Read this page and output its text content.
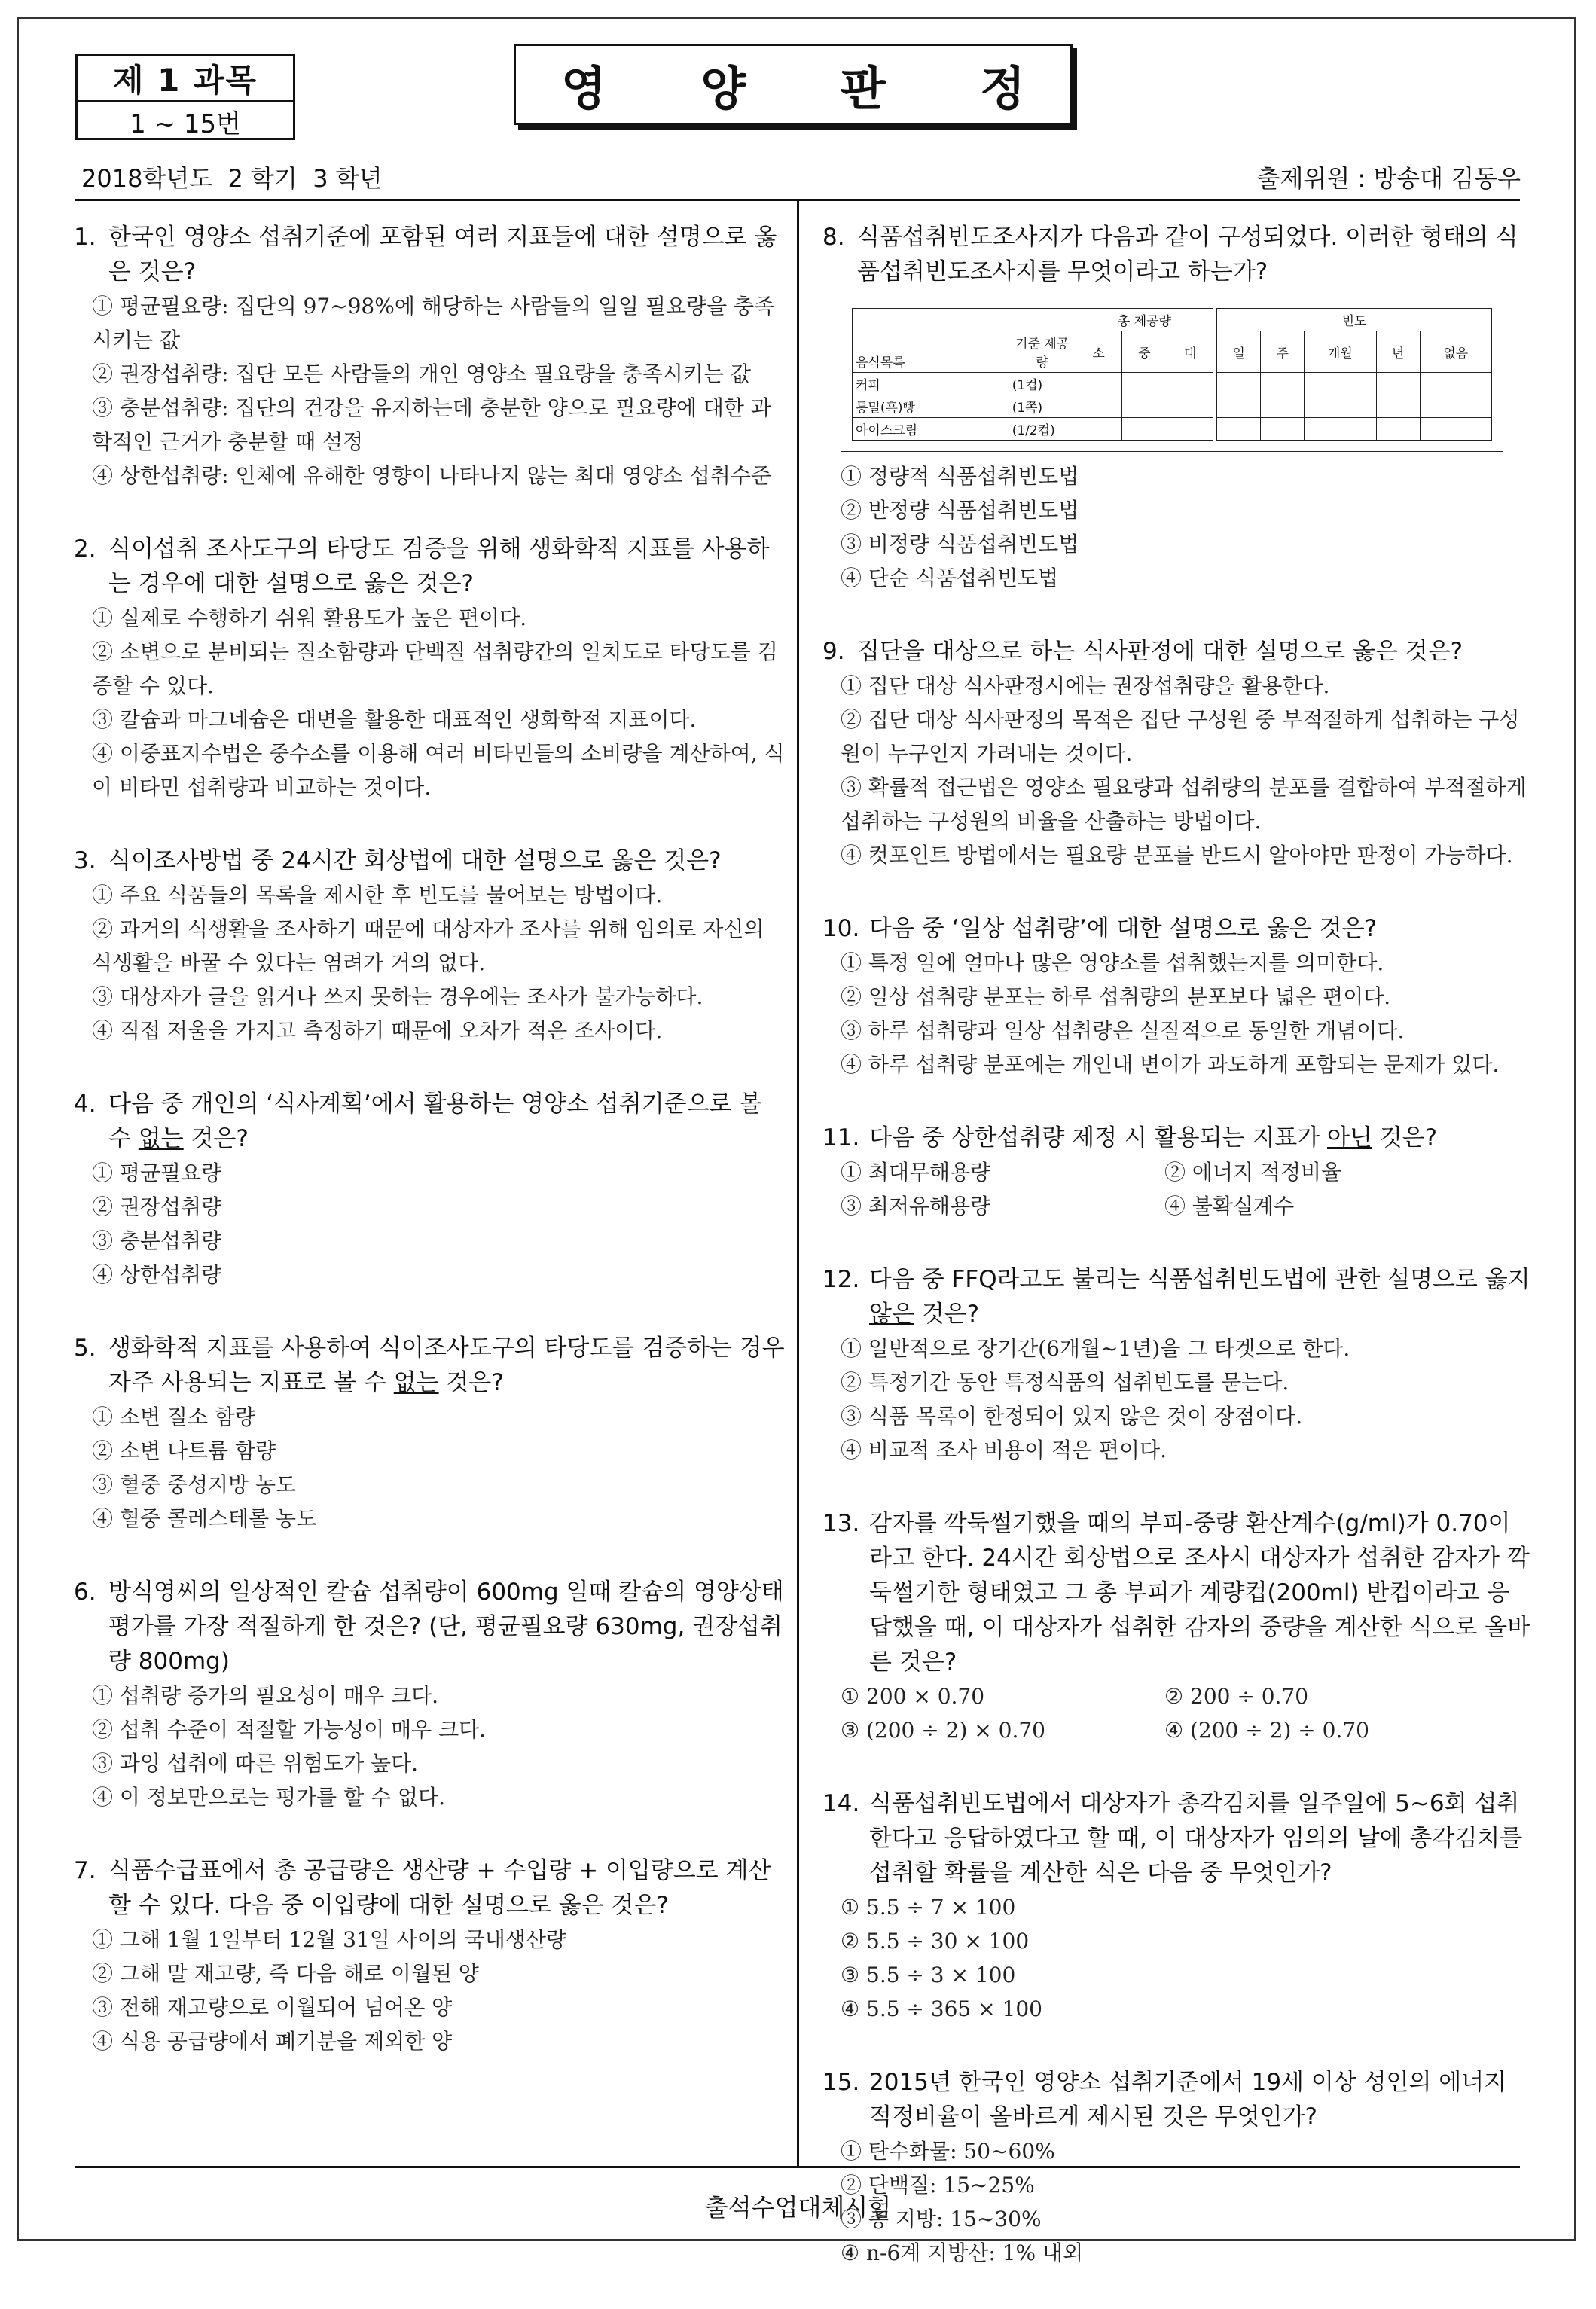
제 1 과목
1 ~ 15번
영 양 판 정
2018학년도  2 학기  3 학년	출제위원 : 방송대 김동우
출석수업대체시험
1. 한국인 영양소 섭취기준에 포함된 여러 지표들에 대한 설명으로 옳은 것은?
① 평균필요량: 집단의 97~98%에 해당하는 사람들의 일일 필요량을 충족시키는 값
② 권장섭취량: 집단 모든 사람들의 개인 영양소 필요량을 충족시키는 값
③ 충분섭취량: 집단의 건강을 유지하는데 충분한 양으로 필요량에 대한 과학적인 근거가 충분할 때 설정
④ 상한섭취량: 인체에 유해한 영향이 나타나지 않는 최대 영양소 섭취수준
2. 식이섭취 조사도구의 타당도 검증을 위해 생화학적 지표를 사용하는 경우에 대한 설명으로 옳은 것은?
① 실제로 수행하기 쉬워 활용도가 높은 편이다.
② 소변으로 분비되는 질소함량과 단백질 섭취량간의 일치도로 타당도를 검증할 수 있다.
③ 칼슘과 마그네슘은 대변을 활용한 대표적인 생화학적 지표이다.
④ 이중표지수법은 중수소를 이용해 여러 비타민들의 소비량을 계산하여, 식이 비타민 섭취량과 비교하는 것이다.
3. 식이조사방법 중 24시간 회상법에 대한 설명으로 옳은 것은?
① 주요 식품들의 목록을 제시한 후 빈도를 물어보는 방법이다.
② 과거의 식생활을 조사하기 때문에 대상자가 조사를 위해 임의로 자신의 식생활을 바꿀 수 있다는 염려가 거의 없다.
③ 대상자가 글을 읽거나 쓰지 못하는 경우에는 조사가 불가능하다.
④ 직접 저울을 가지고 측정하기 때문에 오차가 적은 조사이다.
4. 다음 중 개인의 ‘식사계획’에서 활용하는 영양소 섭취기준으로 볼 수 없는 것은?
① 평균필요량
② 권장섭취량
③ 충분섭취량
④ 상한섭취량
5. 생화학적 지표를 사용하여 식이조사도구의 타당도를 검증하는 경우 자주 사용되는 지표로 볼 수 없는 것은?
① 소변 질소 함량
② 소변 나트륨 함량
③ 혈중 중성지방 농도
④ 혈중 콜레스테롤 농도
6. 방식영씨의 일상적인 칼슘 섭취량이 600mg 일때 칼슘의 영양상태 평가를 가장 적절하게 한 것은? (단, 평균필요량 630mg, 권장섭취량 800mg)
① 섭취량 증가의 필요성이 매우 크다.
② 섭취 수준이 적절할 가능성이 매우 크다.
③ 과잉 섭취에 따른 위험도가 높다.
④ 이 정보만으로는 평가를 할 수 없다.
7. 식품수급표에서 총 공급량은 생산량 + 수입량 + 이입량으로 계산할 수 있다. 다음 중 이입량에 대한 설명으로 옳은 것은?
① 그해 1월 1일부터 12월 31일 사이의 국내생산량
② 그해 말 재고량, 즉 다음 해로 이월된 양
③ 전해 재고량으로 이월되어 넘어온 양
④ 식용 공급량에서 폐기분을 제외한 양
8. 식품섭취빈도조사지가 다음과 같이 구성되었다. 이러한 형태의 식품섭취빈도조사지를 무엇이라고 하는가?
		총 제공량				빈도				
음식목록	기준 제공량	소	중	대		일	주	개월	년	없음
커피	(1컵)									
통밀(흑)빵	(1쪽)									
아이스크림	(1/2컵)									
① 정량적 식품섭취빈도법
② 반정량 식품섭취빈도법
③ 비정량 식품섭취빈도법
④ 단순 식품섭취빈도법
9. 집단을 대상으로 하는 식사판정에 대한 설명으로 옳은 것은?
① 집단 대상 식사판정시에는 권장섭취량을 활용한다.
② 집단 대상 식사판정의 목적은 집단 구성원 중 부적절하게 섭취하는 구성원이 누구인지 가려내는 것이다.
③ 확률적 접근법은 영양소 필요량과 섭취량의 분포를 결합하여 부적절하게 섭취하는 구성원의 비율을 산출하는 방법이다.
④ 컷포인트 방법에서는 필요량 분포를 반드시 알아야만 판정이 가능하다.
10. 다음 중 ‘일상 섭취량’에 대한 설명으로 옳은 것은?
① 특정 일에 얼마나 많은 영양소를 섭취했는지를 의미한다.
② 일상 섭취량 분포는 하루 섭취량의 분포보다 넓은 편이다.
③ 하루 섭취량과 일상 섭취량은 실질적으로 동일한 개념이다.
④ 하루 섭취량 분포에는 개인내 변이가 과도하게 포함되는 문제가 있다.
11. 다음 중 상한섭취량 제정 시 활용되는 지표가 아닌 것은?
① 최대무해용량	② 에너지 적정비율
③ 최저유해용량	④ 불확실계수
12. 다음 중 FFQ라고도 불리는 식품섭취빈도법에 관한 설명으로 옳지 않은 것은?
① 일반적으로 장기간(6개월~1년)을 그 타겟으로 한다.
② 특정기간 동안 특정식품의 섭취빈도를 묻는다.
③ 식품 목록이 한정되어 있지 않은 것이 장점이다.
④ 비교적 조사 비용이 적은 편이다.
13. 감자를 깍둑썰기했을 때의 부피-중량 환산계수(g/ml)가 0.70이라고 한다. 24시간 회상법으로 조사시 대상자가 섭취한 감자가 깍둑썰기한 형태였고 그 총 부피가 계량컵(200ml) 반컵이라고 응답했을 때, 이 대상자가 섭취한 감자의 중량을 계산한 식으로 올바른 것은?
① 200 × 0.70	② 200 ÷ 0.70
③ (200 ÷ 2) × 0.70	④ (200 ÷ 2) ÷ 0.70
14. 식품섭취빈도법에서 대상자가 총각김치를 일주일에 5~6회 섭취한다고 응답하였다고 할 때, 이 대상자가 임의의 날에 총각김치를 섭취할 확률을 계산한 식은 다음 중 무엇인가?
① 5.5 ÷ 7 × 100
② 5.5 ÷ 30 × 100
③ 5.5 ÷ 3 × 100
④ 5.5 ÷ 365 × 100
15. 2015년 한국인 영양소 섭취기준에서 19세 이상 성인의 에너지 적정비율이 올바르게 제시된 것은 무엇인가?
① 탄수화물: 50~60%
② 단백질: 15~25%
③ 총 지방: 15~30%
④ n-6계 지방산: 1% 내외
